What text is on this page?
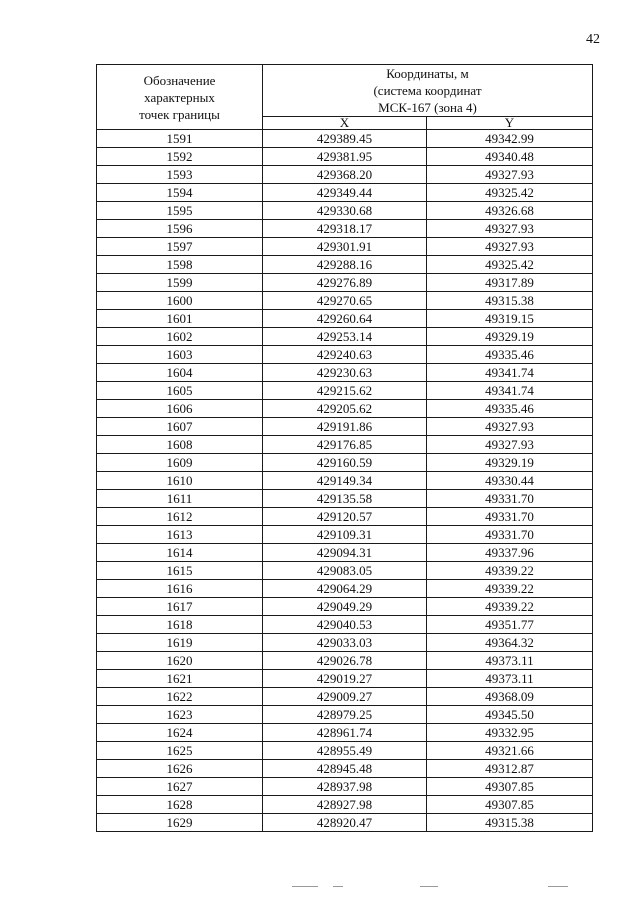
42
Обозначение
характерных
точек границы	Координаты, м
(система координат
МСК-167 (зона 4)	

	X	Y
1591	429389.45	49342.99
1592	429381.95	49340.48
1593	429368.20	49327.93
1594	429349.44	49325.42
1595	429330.68	49326.68
1596	429318.17	49327.93
1597	429301.91	49327.93
1598	429288.16	49325.42
1599	429276.89	49317.89
1600	429270.65	49315.38
1601	429260.64	49319.15
1602	429253.14	49329.19
1603	429240.63	49335.46
1604	429230.63	49341.74
1605	429215.62	49341.74
1606	429205.62	49335.46
1607	429191.86	49327.93
1608	429176.85	49327.93
1609	429160.59	49329.19
1610	429149.34	49330.44
1611	429135.58	49331.70
1612	429120.57	49331.70
1613	429109.31	49331.70
1614	429094.31	49337.96
1615	429083.05	49339.22
1616	429064.29	49339.22
1617	429049.29	49339.22
1618	429040.53	49351.77
1619	429033.03	49364.32
1620	429026.78	49373.11
1621	429019.27	49373.11
1622	429009.27	49368.09
1623	428979.25	49345.50
1624	428961.74	49332.95
1625	428955.49	49321.66
1626	428945.48	49312.87
1627	428937.98	49307.85
1628	428927.98	49307.85
1629	428920.47	49315.38
